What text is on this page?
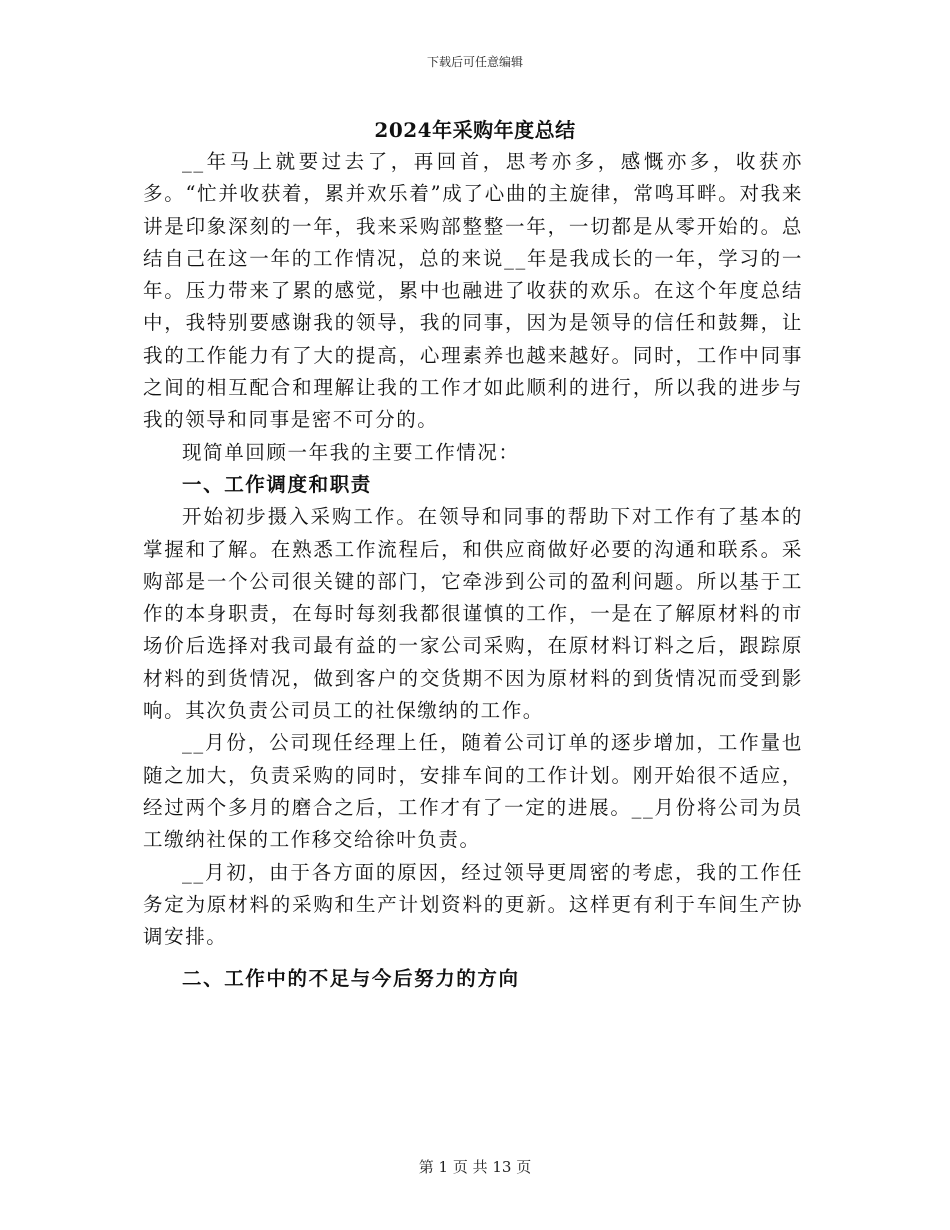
下载后可任意编辑
2024年采购年度总结

__年马上就要过去了，再回首，思考亦多，感慨亦多，收获亦多。“忙并收获着，累并欢乐着”成了心曲的主旋律，常鸣耳畔。对我来讲是印象深刻的一年，我来采购部整整一年，一切都是从零开始的。总结自己在这一年的工作情况，总的来说__年是我成长的一年，学习的一年。压力带来了累的感觉，累中也融进了收获的欢乐。在这个年度总结中，我特别要感谢我的领导，我的同事，因为是领导的信任和鼓舞，让我的工作能力有了大的提高，心理素养也越来越好。同时，工作中同事之间的相互配合和理解让我的工作才如此顺利的进行，所以我的进步与我的领导和同事是密不可分的。

现简单回顾一年我的主要工作情况：

一、工作调度和职责

开始初步摄入采购工作。在领导和同事的帮助下对工作有了基本的掌握和了解。在熟悉工作流程后，和供应商做好必要的沟通和联系。采购部是一个公司很关键的部门，它牵涉到公司的盈利问题。所以基于工作的本身职责，在每时每刻我都很谨慎的工作，一是在了解原材料的市场价后选择对我司最有益的一家公司采购，在原材料订料之后，跟踪原材料的到货情况，做到客户的交货期不因为原材料的到货情况而受到影响。其次负责公司员工的社保缴纳的工作。

__月份，公司现任经理上任，随着公司订单的逐步增加，工作量也随之加大，负责采购的同时，安排车间的工作计划。刚开始很不适应，经过两个多月的磨合之后，工作才有了一定的进展。__月份将公司为员工缴纳社保的工作移交给徐叶负责。

__月初，由于各方面的原因，经过领导更周密的考虑，我的工作任务定为原材料的采购和生产计划资料的更新。这样更有利于车间生产协调安排。

二、工作中的不足与今后努力的方向

第 1 页 共 13 页
